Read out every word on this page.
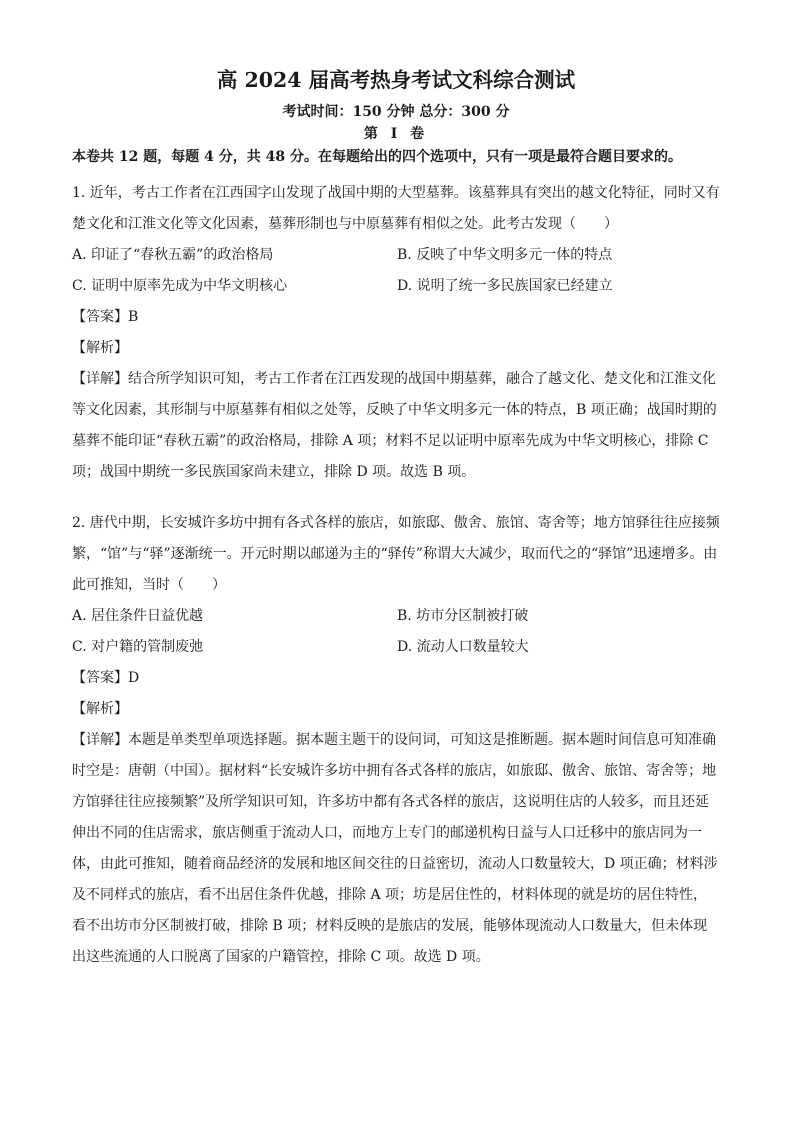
高 2024 届高考热身考试文科综合测试
考试时间：150 分钟 总分：300 分
第 Ⅰ 卷
本卷共 12 题，每题 4 分，共 48 分。在每题给出的四个选项中，只有一项是最符合题目要求的。

1. 近年，考古工作者在江西国字山发现了战国中期的大型墓葬。该墓葬具有突出的越文化特征，同时又有楚文化和江淮文化等文化因素，墓葬形制也与中原墓葬有相似之处。此考古发现（　　）

A. 印证了“春秋五霸”的政治格局	B. 反映了中华文明多元一体的特点
C. 证明中原率先成为中华文明核心	D. 说明了统一多民族国家已经建立

【答案】B

【解析】

【详解】结合所学知识可知，考古工作者在江西发现的战国中期墓葬，融合了越文化、楚文化和江淮文化等文化因素，其形制与中原墓葬有相似之处等，反映了中华文明多元一体的特点，B 项正确；战国时期的墓葬不能印证“春秋五霸”的政治格局，排除 A 项；材料不足以证明中原率先成为中华文明核心，排除 C 项；战国中期统一多民族国家尚未建立，排除 D 项。故选 B 项。

2. 唐代中期，长安城许多坊中拥有各式各样的旅店，如旅邸、傲舍、旅馆、寄舍等；地方馆驿往往应接频繁，“馆”与“驿”逐渐统一。开元时期以邮递为主的“驿传”称谓大大减少，取而代之的“驿馆”迅速增多。由此可推知，当时（　　）

A. 居住条件日益优越	B. 坊市分区制被打破
C. 对户籍的管制废弛	D. 流动人口数量较大

【答案】D

【解析】

【详解】本题是单类型单项选择题。据本题主题干的设问词，可知这是推断题。据本题时间信息可知准确时空是：唐朝（中国）。据材料“长安城许多坊中拥有各式各样的旅店，如旅邸、傲舍、旅馆、寄舍等；地方馆驿往往应接频繁”及所学知识可知，许多坊中都有各式各样的旅店，这说明住店的人较多，而且还延伸出不同的住店需求，旅店侧重于流动人口，而地方上专门的邮递机构日益与人口迁移中的旅店同为一体，由此可推知，随着商品经济的发展和地区间交往的日益密切，流动人口数量较大，D 项正确；材料涉及不同样式的旅店，看不出居住条件优越，排除 A 项；坊是居住性的，材料体现的就是坊的居住特性，看不出坊市分区制被打破，排除 B 项；材料反映的是旅店的发展，能够体现流动人口数量大，但未体现出这些流通的人口脱离了国家的户籍管控，排除 C 项。故选 D 项。
